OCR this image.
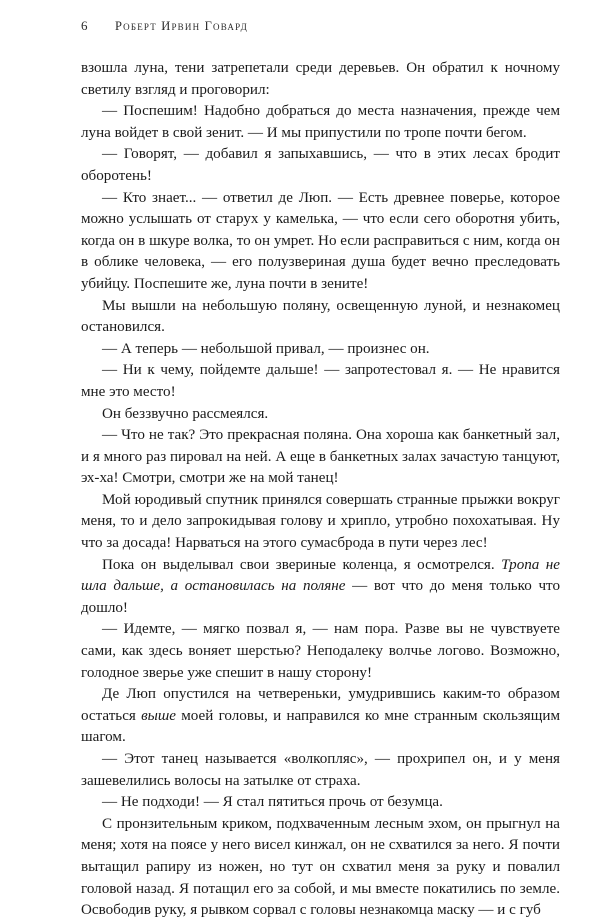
6	Роберт Ирвин Говард

взошла луна, тени затрепетали среди деревьев. Он обратил к ночному светилу взгляд и проговорил:

— Поспешим! Надобно добраться до места назначения, прежде чем луна войдет в свой зенит. — И мы припустили по тропе почти бегом.

— Говорят, — добавил я запыхавшись, — что в этих лесах бродит оборотень!

— Кто знает... — ответил де Люп. — Есть древнее поверье, которое можно услышать от старух у камелька, — что если сего оборотня убить, когда он в шкуре волка, то он умрет. Но если расправиться с ним, когда он в облике человека, — его полузвериная душа будет вечно преследовать убийцу. Поспешите же, луна почти в зените!

Мы вышли на небольшую поляну, освещенную луной, и незнакомец остановился.

— А теперь — небольшой привал, — произнес он.

— Ни к чему, пойдемте дальше! — запротестовал я. — Не нравится мне это место!

Он беззвучно рассмеялся.

— Что не так? Это прекрасная поляна. Она хороша как банкетный зал, и я много раз пировал на ней. А еще в банкетных залах зачастую танцуют, эх-ха! Смотри, смотри же на мой танец!

Мой юродивый спутник принялся совершать странные прыжки вокруг меня, то и дело запрокидывая голову и хрипло, утробно похохатывая. Ну что за досада! Нарваться на этого сумасброда в пути через лес!

Пока он выделывал свои звериные коленца, я осмотрелся. Тропа не шла дальше, а остановилась на поляне — вот что до меня только что дошло!

— Идемте, — мягко позвал я, — нам пора. Разве вы не чувствуете сами, как здесь воняет шерстью? Неподалеку волчье логово. Возможно, голодное зверье уже спешит в нашу сторону!

Де Люп опустился на четвереньки, умудрившись каким-то образом остаться выше моей головы, и направился ко мне странным скользящим шагом.

— Этот танец называется «волкопляс», — прохрипел он, и у меня зашевелились волосы на затылке от страха.

— Не подходи! — Я стал пятиться прочь от безумца.

С пронзительным криком, подхваченным лесным эхом, он прыгнул на меня; хотя на поясе у него висел кинжал, он не схватился за него. Я почти вытащил рапиру из ножен, но тут он схватил меня за руку и повалил головой назад. Я потащил его за собой, и мы вместе покатились по земле. Освободив руку, я рывком сорвал с головы незнакомца маску — и с губ
